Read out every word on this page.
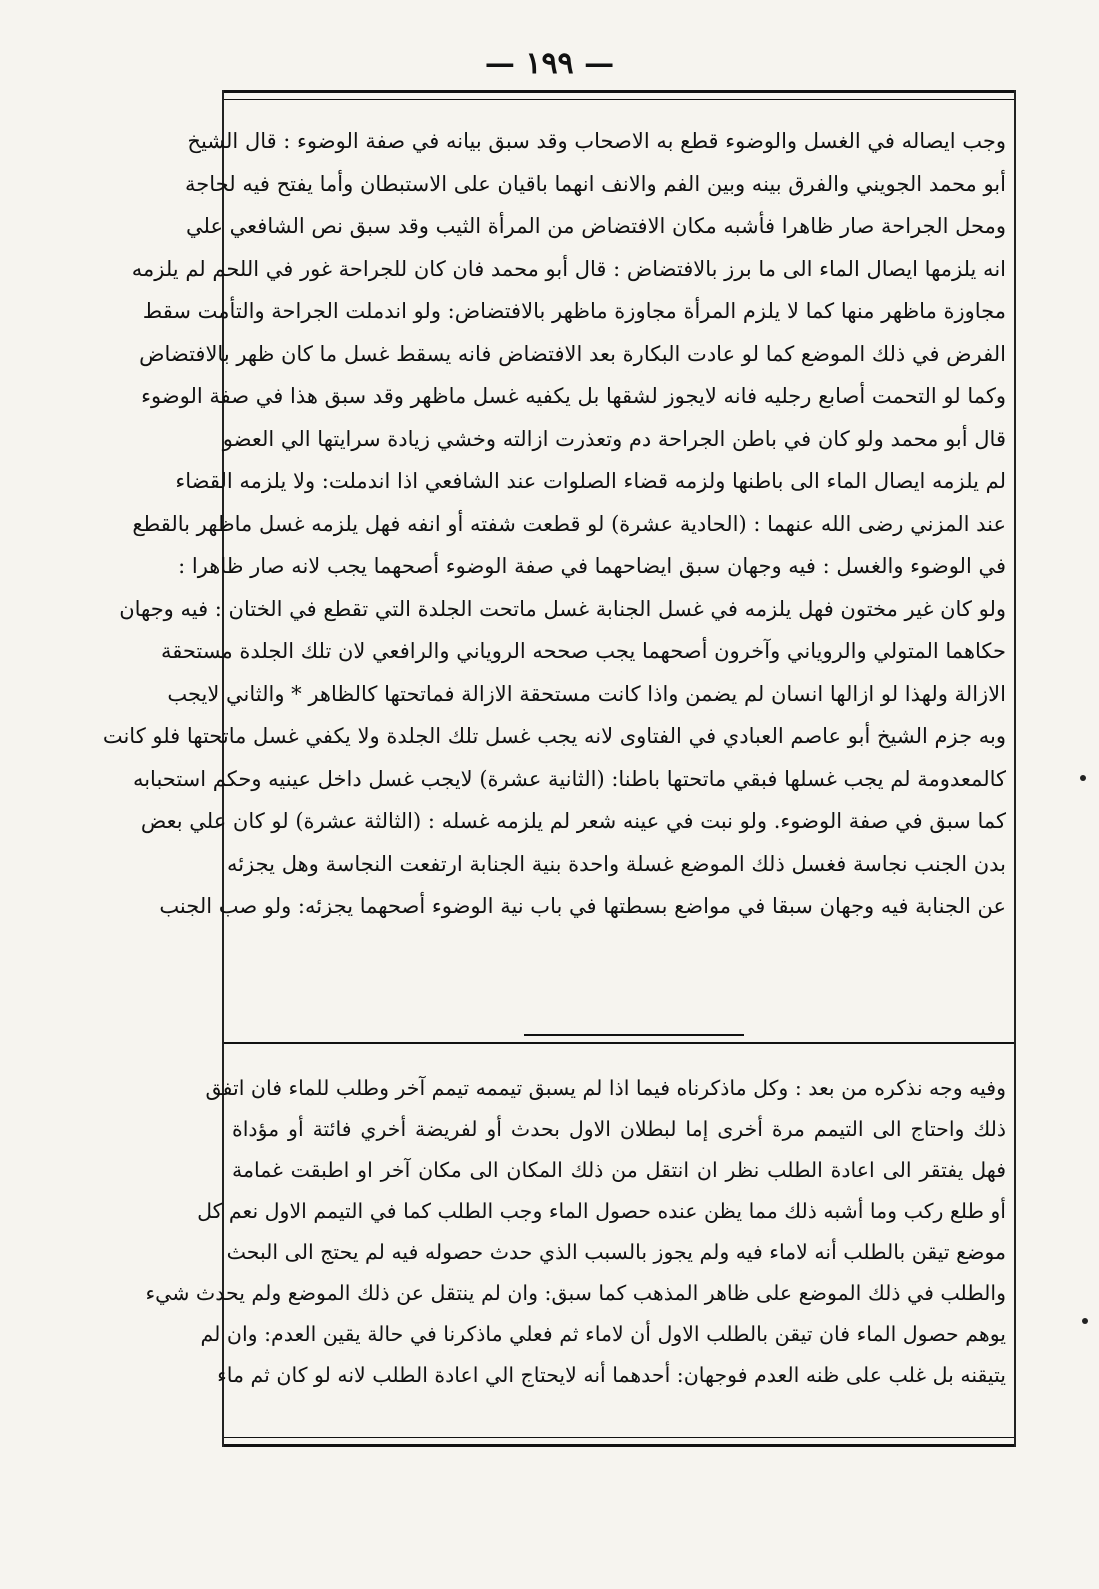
— ١٩٩ —
وجب ايصاله في الغسل والوضوء قطع به الاصحاب وقد سبق بيانه في صفة الوضوء : قال الشيخ
أبو محمد الجويني والفرق بينه وبين الفم والانف انهما باقيان على الاستبطان وأما يفتح فيه لحاجة
ومحل الجراحة صار ظاهرا فأشبه مكان الافتضاض من المرأة الثيب وقد سبق نص الشافعي علي
انه يلزمها ايصال الماء الى ما برز بالافتضاض : قال أبو محمد فان كان للجراحة غور في اللحم لم يلزمه
مجاوزة ماظهر منها كما لا يلزم المرأة مجاوزة ماظهر بالافتضاض: ولو اندملت الجراحة والتأمت سقط
الفرض في ذلك الموضع كما لو عادت البكارة بعد الافتضاض فانه يسقط غسل ما كان ظهر بالافتضاض
وكما لو التحمت أصابع رجليه فانه لايجوز لشقها بل يكفيه غسل ماظهر وقد سبق هذا في صفة الوضوء
قال أبو محمد ولو كان في باطن الجراحة دم وتعذرت ازالته وخشي زيادة سرايتها الي العضو
لم يلزمه ايصال الماء الى باطنها ولزمه قضاء الصلوات عند الشافعي اذا اندملت: ولا يلزمه القضاء
عند المزني رضى الله عنهما : (الحادية عشرة) لو قطعت شفته أو انفه فهل يلزمه غسل ماظهر بالقطع
في الوضوء والغسل : فيه وجهان سبق ايضاحهما في صفة الوضوء أصحهما يجب لانه صار ظاهرا :
ولو كان غير مختون فهل يلزمه في غسل الجنابة غسل ماتحت الجلدة التي تقطع في الختان : فيه وجهان
حكاهما المتولي والروياني وآخرون أصحهما يجب صححه الروياني والرافعي لان تلك الجلدة مستحقة
الازالة ولهذا لو ازالها انسان لم يضمن واذا كانت مستحقة الازالة فماتحتها كالظاهر * والثاني لايجب
وبه جزم الشيخ أبو عاصم العبادي في الفتاوى لانه يجب غسل تلك الجلدة ولا يكفي غسل ماتحتها فلو كانت
كالمعدومة لم يجب غسلها فبقي ماتحتها باطنا: (الثانية عشرة) لايجب غسل داخل عينيه وحكم استحبابه
كما سبق في صفة الوضوء. ولو نبت في عينه شعر لم يلزمه غسله : (الثالثة عشرة) لو كان علي بعض
بدن الجنب نجاسة فغسل ذلك الموضع غسلة واحدة بنية الجنابة ارتفعت النجاسة وهل يجزئه
عن الجنابة فيه وجهان سبقا في مواضع بسطتها في باب نية الوضوء أصحهما يجزئه: ولو صب الجنب
وفيه وجه نذكره من بعد : وكل ماذكرناه فيما اذا لم يسبق تيممه تيمم آخر وطلب للماء فان اتفق
ذلك واحتاج الى التيمم مرة أخرى إما لبطلان الاول بحدث أو لفريضة أخري فائتة أو مؤداة
فهل يفتقر الى اعادة الطلب نظر ان انتقل من ذلك المكان الى مكان آخر او اطبقت غمامة
أو طلع ركب وما أشبه ذلك مما يظن عنده حصول الماء وجب الطلب كما في التيمم الاول نعم كل
موضع تيقن بالطلب أنه لاماء فيه ولم يجوز بالسبب الذي حدث حصوله فيه لم يحتج الى البحث
والطلب في ذلك الموضع على ظاهر المذهب كما سبق: وان لم ينتقل عن ذلك الموضع ولم يحدث شيء
يوهم حصول الماء فان تيقن بالطلب الاول أن لاماء ثم فعلي ماذكرنا في حالة يقين العدم: وان لم
يتيقنه بل غلب على ظنه العدم فوجهان: أحدهما أنه لايحتاج الي اعادة الطلب لانه لو كان ثم ماء
